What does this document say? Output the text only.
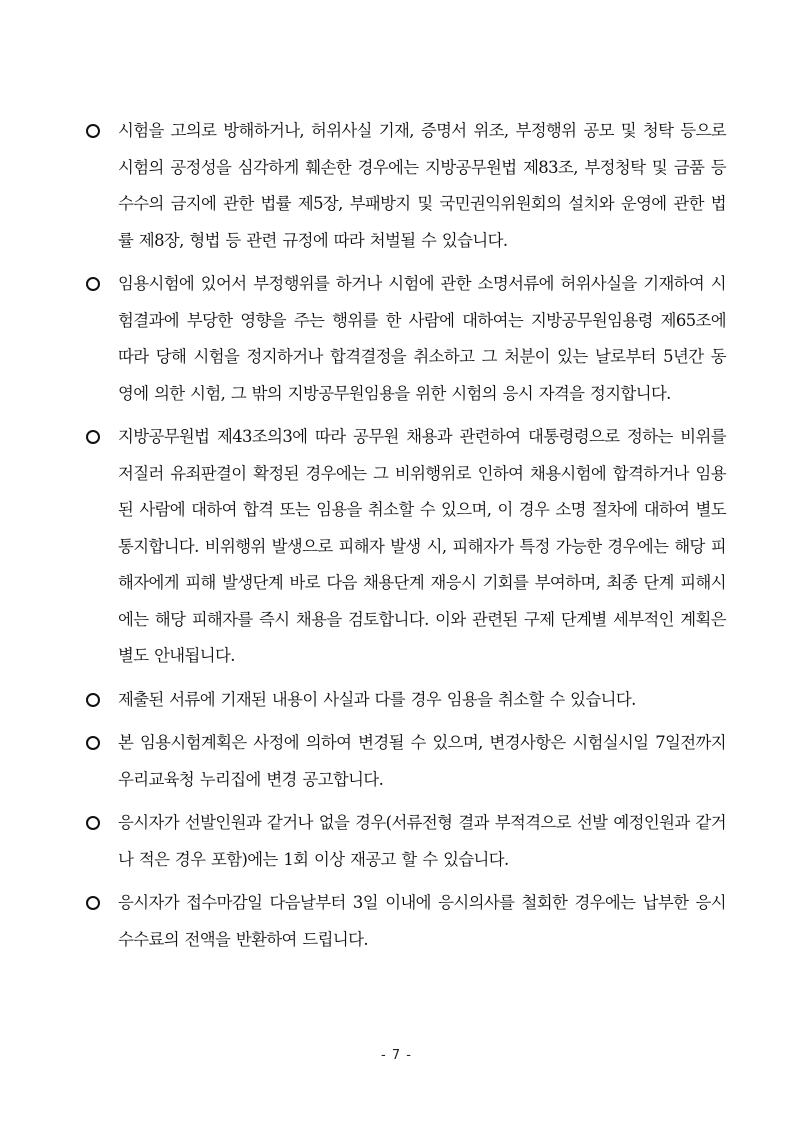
시험을 고의로 방해하거나, 허위사실 기재, 증명서 위조, 부정행위 공모 및 청탁 등으로 시험의 공정성을 심각하게 훼손한 경우에는 지방공무원법 제83조, 부정청탁 및 금품 등 수수의 금지에 관한 법률 제5장, 부패방지 및 국민권익위원회의 설치와 운영에 관한 법률 제8장, 형법 등 관련 규정에 따라 처벌될 수 있습니다.
임용시험에 있어서 부정행위를 하거나 시험에 관한 소명서류에 허위사실을 기재하여 시험결과에 부당한 영향을 주는 행위를 한 사람에 대하여는 지방공무원임용령 제65조에 따라 당해 시험을 정지하거나 합격결정을 취소하고 그 처분이 있는 날로부터 5년간 동 영에 의한 시험, 그 밖의 지방공무원임용을 위한 시험의 응시 자격을 정지합니다.
지방공무원법 제43조의3에 따라 공무원 채용과 관련하여 대통령령으로 정하는 비위를 저질러 유죄판결이 확정된 경우에는 그 비위행위로 인하여 채용시험에 합격하거나 임용된 사람에 대하여 합격 또는 임용을 취소할 수 있으며, 이 경우 소명 절차에 대하여 별도 통지합니다. 비위행위 발생으로 피해자 발생 시, 피해자가 특정 가능한 경우에는 해당 피해자에게 피해 발생단계 바로 다음 채용단계 재응시 기회를 부여하며, 최종 단계 피해시에는 해당 피해자를 즉시 채용을 검토합니다. 이와 관련된 구제 단계별 세부적인 계획은 별도 안내됩니다.
제출된 서류에 기재된 내용이 사실과 다를 경우 임용을 취소할 수 있습니다.
본 임용시험계획은 사정에 의하여 변경될 수 있으며, 변경사항은 시험실시일 7일전까지 우리교육청 누리집에 변경 공고합니다.
응시자가 선발인원과 같거나 없을 경우(서류전형 결과 부적격으로 선발 예정인원과 같거나 적은 경우 포함)에는 1회 이상 재공고 할 수 있습니다.
응시자가 접수마감일 다음날부터 3일 이내에 응시의사를 철회한 경우에는 납부한 응시수수료의 전액을 반환하여 드립니다.
- 7 -
